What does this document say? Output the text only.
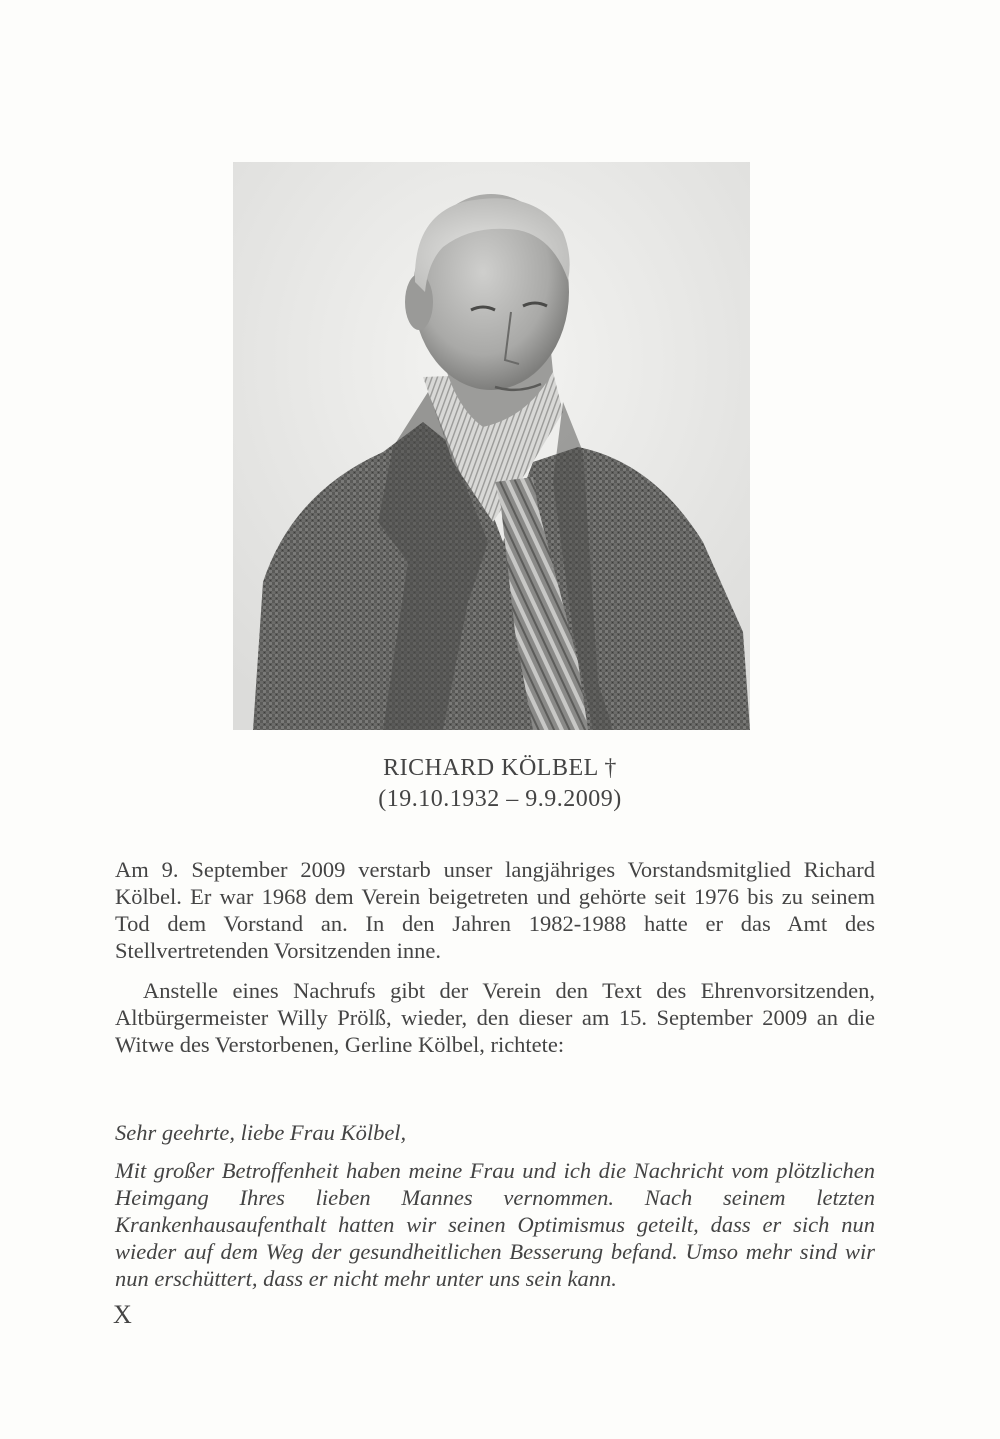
RICHARD KÖLBEL †
(19.10.1932 – 9.9.2009)

Am 9. September 2009 verstarb unser langjähriges Vorstandsmitglied Richard Kölbel. Er war 1968 dem Verein beigetreten und gehörte seit 1976 bis zu seinem Tod dem Vorstand an. In den Jahren 1982-1988 hatte er das Amt des Stellvertretenden Vorsitzenden inne.

Anstelle eines Nachrufs gibt der Verein den Text des Ehrenvorsitzenden, Altbürgermeister Willy Prölß, wieder, den dieser am 15. September 2009 an die Witwe des Verstorbenen, Gerline Kölbel, richtete:

Sehr geehrte, liebe Frau Kölbel,

Mit großer Betroffenheit haben meine Frau und ich die Nachricht vom plötzlichen Heimgang Ihres lieben Mannes vernommen. Nach seinem letzten Krankenhausaufenthalt hatten wir seinen Optimismus geteilt, dass er sich nun wieder auf dem Weg der gesundheitlichen Besserung befand. Umso mehr sind wir nun erschüttert, dass er nicht mehr unter uns sein kann.

X
